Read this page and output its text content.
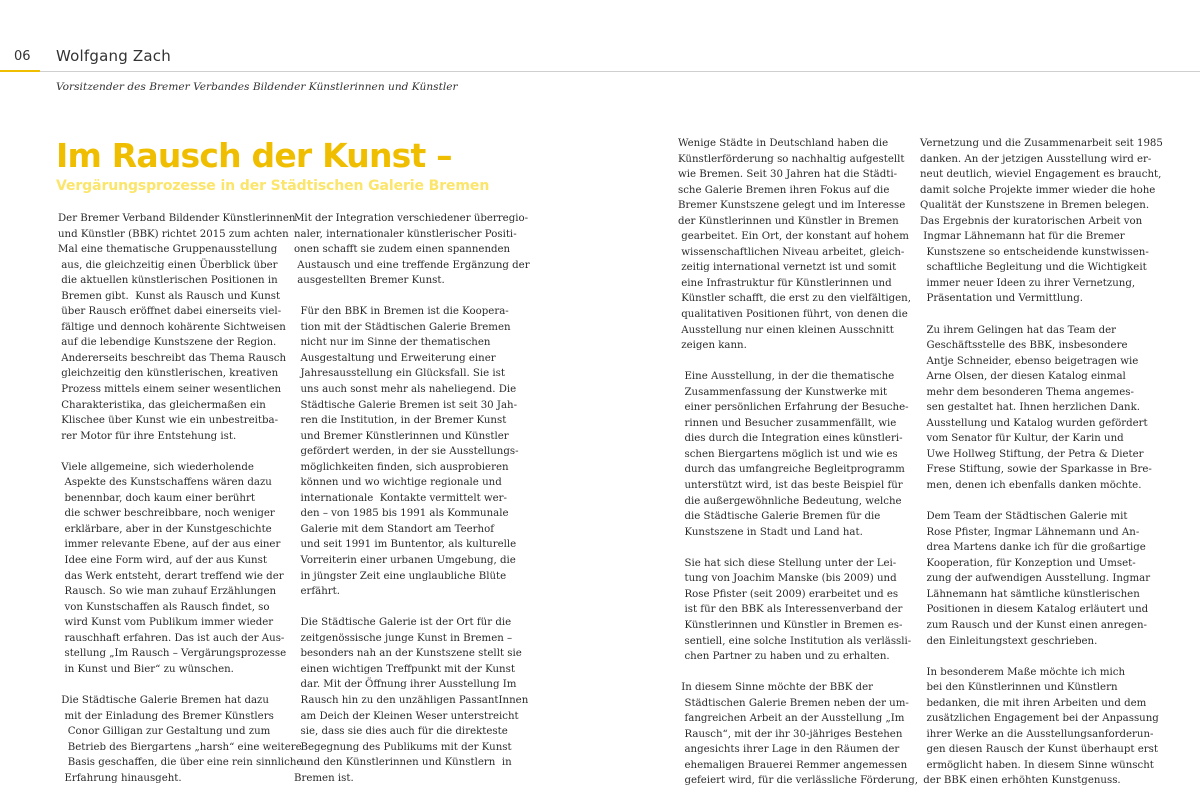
06 Wolfgang Zach
Vorsitzender des Bremer Verbandes Bildender Künstlerinnen und Künstler
Im Rausch der Kunst –
Vergärungsprozesse in der Städtischen Galerie Bremen

Der Bremer Verband Bildender Künstlerinnen
und Künstler (BBK) richtet 2015 zum achten
Mal eine thematische Gruppenausstellung
aus, die gleichzeitig einen Überblick über
die aktuellen künstlerischen Positionen in
Bremen gibt.  Kunst als Rausch und Kunst
über Rausch eröffnet dabei einerseits viel-
fältige und dennoch kohärente Sichtweisen
auf die lebendige Kunstszene der Region.
Andererseits beschreibt das Thema Rausch
gleichzeitig den künstlerischen, kreativen
Prozess mittels einem seiner wesentlichen
Charakteristika, das gleichermaßen ein
Klischee über Kunst wie ein unbestreitba-
rer Motor für ihre Entstehung ist.

Viele allgemeine, sich wiederholende
Aspekte des Kunstschaffens wären dazu
benennbar, doch kaum einer berührt
die schwer beschreibbare, noch weniger
erklärbare, aber in der Kunstgeschichte
immer relevante Ebene, auf der aus einer
Idee eine Form wird, auf der aus Kunst
das Werk entsteht, derart treffend wie der
Rausch. So wie man zuhauf Erzählungen
von Kunstschaffen als Rausch findet, so
wird Kunst vom Publikum immer wieder
rauschhaft erfahren. Das ist auch der Aus-
stellung „Im Rausch – Vergärungsprozesse
in Kunst und Bier“ zu wünschen.

Die Städtische Galerie Bremen hat dazu
mit der Einladung des Bremer Künstlers
Conor Gilligan zur Gestaltung und zum
Betrieb des Biergartens „harsh“ eine weitere
Basis geschaffen, die über eine rein sinnliche
Erfahrung hinausgeht.

Mit der Integration verschiedener überregio-
naler, internationaler künstlerischer Positi-
onen schafft sie zudem einen spannenden
Austausch und eine treffende Ergänzung der
ausgestellten Bremer Kunst.

Für den BBK in Bremen ist die Koopera-
tion mit der Städtischen Galerie Bremen
nicht nur im Sinne der thematischen
Ausgestaltung und Erweiterung einer
Jahresausstellung ein Glücksfall. Sie ist
uns auch sonst mehr als naheliegend. Die
Städtische Galerie Bremen ist seit 30 Jah-
ren die Institution, in der Bremer Kunst
und Bremer Künstlerinnen und Künstler
gefördert werden, in der sie Ausstellungs-
möglichkeiten finden, sich ausprobieren
können und wo wichtige regionale und
internationale  Kontakte vermittelt wer-
den – von 1985 bis 1991 als Kommunale
Galerie mit dem Standort am Teerhof
und seit 1991 im Buntentor, als kulturelle
Vorreiterin einer urbanen Umgebung, die
in jüngster Zeit eine unglaubliche Blüte
erfährt.

Die Städtische Galerie ist der Ort für die
zeitgenössische junge Kunst in Bremen –
besonders nah an der Kunstszene stellt sie
einen wichtigen Treffpunkt mit der Kunst
dar. Mit der Öffnung ihrer Ausstellung Im
Rausch hin zu den unzähligen PassantInnen
am Deich der Kleinen Weser unterstreicht
sie, dass sie dies auch für die direkteste
Begegnung des Publikums mit der Kunst
und den Künstlerinnen und Künstlern  in
Bremen ist.

Wenige Städte in Deutschland haben die
Künstlerförderung so nachhaltig aufgestellt
wie Bremen. Seit 30 Jahren hat die Städti-
sche Galerie Bremen ihren Fokus auf die
Bremer Kunstszene gelegt und im Interesse
der Künstlerinnen und Künstler in Bremen
gearbeitet. Ein Ort, der konstant auf hohem
wissenschaftlichen Niveau arbeitet, gleich-
zeitig international vernetzt ist und somit
eine Infrastruktur für Künstlerinnen und
Künstler schafft, die erst zu den vielfältigen,
qualitativen Positionen führt, von denen die
Ausstellung nur einen kleinen Ausschnitt
zeigen kann.

Eine Ausstellung, in der die thematische
Zusammenfassung der Kunstwerke mit
einer persönlichen Erfahrung der Besuche-
rinnen und Besucher zusammenfällt, wie
dies durch die Integration eines künstleri-
schen Biergartens möglich ist und wie es
durch das umfangreiche Begleitprogramm
unterstützt wird, ist das beste Beispiel für
die außergewöhnliche Bedeutung, welche
die Städtische Galerie Bremen für die
Kunstszene in Stadt und Land hat.

Sie hat sich diese Stellung unter der Lei-
tung von Joachim Manske (bis 2009) und
Rose Pfister (seit 2009) erarbeitet und es
ist für den BBK als Interessenverband der
Künstlerinnen und Künstler in Bremen es-
sentiell, eine solche Institution als verlässli-
chen Partner zu haben und zu erhalten.

In diesem Sinne möchte der BBK der
Städtischen Galerie Bremen neben der um-
fangreichen Arbeit an der Ausstellung „Im
Rausch“, mit der ihr 30-jähriges Bestehen
angesichts ihrer Lage in den Räumen der
ehemaligen Brauerei Remmer angemessen
gefeiert wird, für die verlässliche Förderung,

Vernetzung und die Zusammenarbeit seit 1985
danken. An der jetzigen Ausstellung wird er-
neut deutlich, wieviel Engagement es braucht,
damit solche Projekte immer wieder die hohe
Qualität der Kunstszene in Bremen belegen.
Das Ergebnis der kuratorischen Arbeit von
Ingmar Lähnemann hat für die Bremer
Kunstszene so entscheidende kunstwissen-
schaftliche Begleitung und die Wichtigkeit
immer neuer Ideen zu ihrer Vernetzung,
Präsentation und Vermittlung.

Zu ihrem Gelingen hat das Team der
Geschäftsstelle des BBK, insbesondere
Antje Schneider, ebenso beigetragen wie
Arne Olsen, der diesen Katalog einmal
mehr dem besonderen Thema angemes-
sen gestaltet hat. Ihnen herzlichen Dank.
Ausstellung und Katalog wurden gefördert
vom Senator für Kultur, der Karin und
Uwe Hollweg Stiftung, der Petra & Dieter
Frese Stiftung, sowie der Sparkasse in Bre-
men, denen ich ebenfalls danken möchte.

Dem Team der Städtischen Galerie mit
Rose Pfister, Ingmar Lähnemann und An-
drea Martens danke ich für die großartige
Kooperation, für Konzeption und Umset-
zung der aufwendigen Ausstellung. Ingmar
Lähnemann hat sämtliche künstlerischen
Positionen in diesem Katalog erläutert und
zum Rausch und der Kunst einen anregen-
den Einleitungstext geschrieben.

In besonderem Maße möchte ich mich
bei den Künstlerinnen und Künstlern
bedanken, die mit ihren Arbeiten und dem
zusätzlichen Engagement bei der Anpassung
ihrer Werke an die Ausstellungsanforderun-
gen diesen Rausch der Kunst überhaupt erst
ermöglicht haben. In diesem Sinne wünscht
der BBK einen erhöhten Kunstgenuss.
